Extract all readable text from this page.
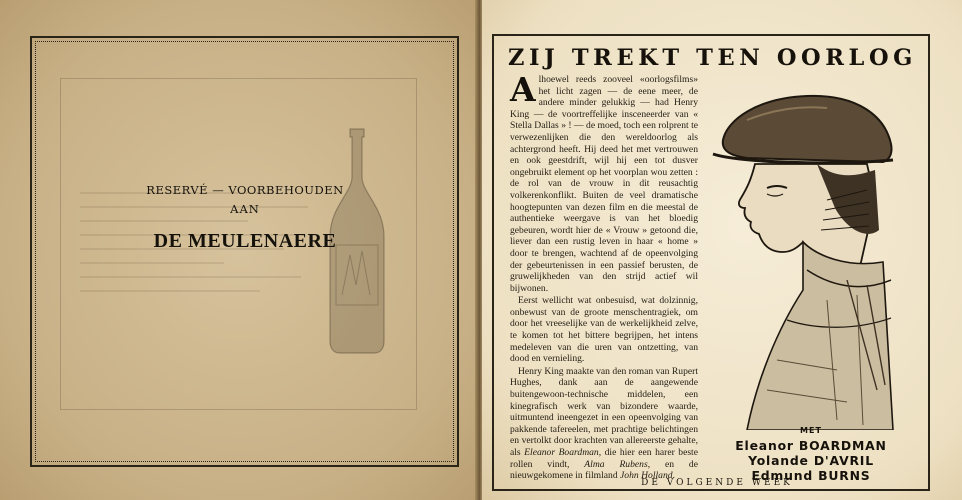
RESERVÉ — VOORBEHOUDEN
AAN
DE MEULENAERE
ZIJ TREKT TEN OORLOG

Alhoewel reeds zooveel «oorlogsfilms» het licht zagen — de eene meer, de andere minder gelukkig — had Henry King — de voortreffelijke insceneerder van « Stella Dallas » ! — de moed, toch een rolprent te verwezenlijken die den wereldoorlog als achtergrond heeft. Hij deed het met vertrouwen en ook geestdrift, wijl hij een tot dusver ongebruikt element op het voorplan wou zetten : de rol van de vrouw in dit reusachtig volkerenkonflikt. Buiten de veel dramatische hoogtepunten van dezen film en die meestal de authentieke weergave is van het bloedig gebeuren, wordt hier de « Vrouw » getoond die, liever dan een rustig leven in haar « home » door te brengen, wachtend af de opeenvolging der gebeurtenissen in een passief berusten, de gruwelijkheden van den strijd actief wil bijwonen.

Eerst wellicht wat onbesuisd, wat dolzinnig, onbewust van de groote menschentragiek, om door het vreeselijke van de werkelijkheid zelve, te komen tot het bittere begrijpen, het intens medeleven van die uren van ontzetting, van dood en vernieling.

Henry King maakte van den roman van Rupert Hughes, dank aan de aangewende buitengewoon-technische middelen, een kinegrafisch werk van bizondere waarde, uitmuntend ineengezet in een opeenvolging van pakkende tafereelen, met prachtige belichtingen en vertolkt door krachten van allereerste gehalte, als Eleanor Boardman, die hier een harer beste rollen vindt, Alma Rubens, en de nieuwgekomene in filmland John Holland.

MET
Eleanor BOARDMAN
Yolande D'AVRIL
Edmund BURNS
DE VOLGENDE WEEK
